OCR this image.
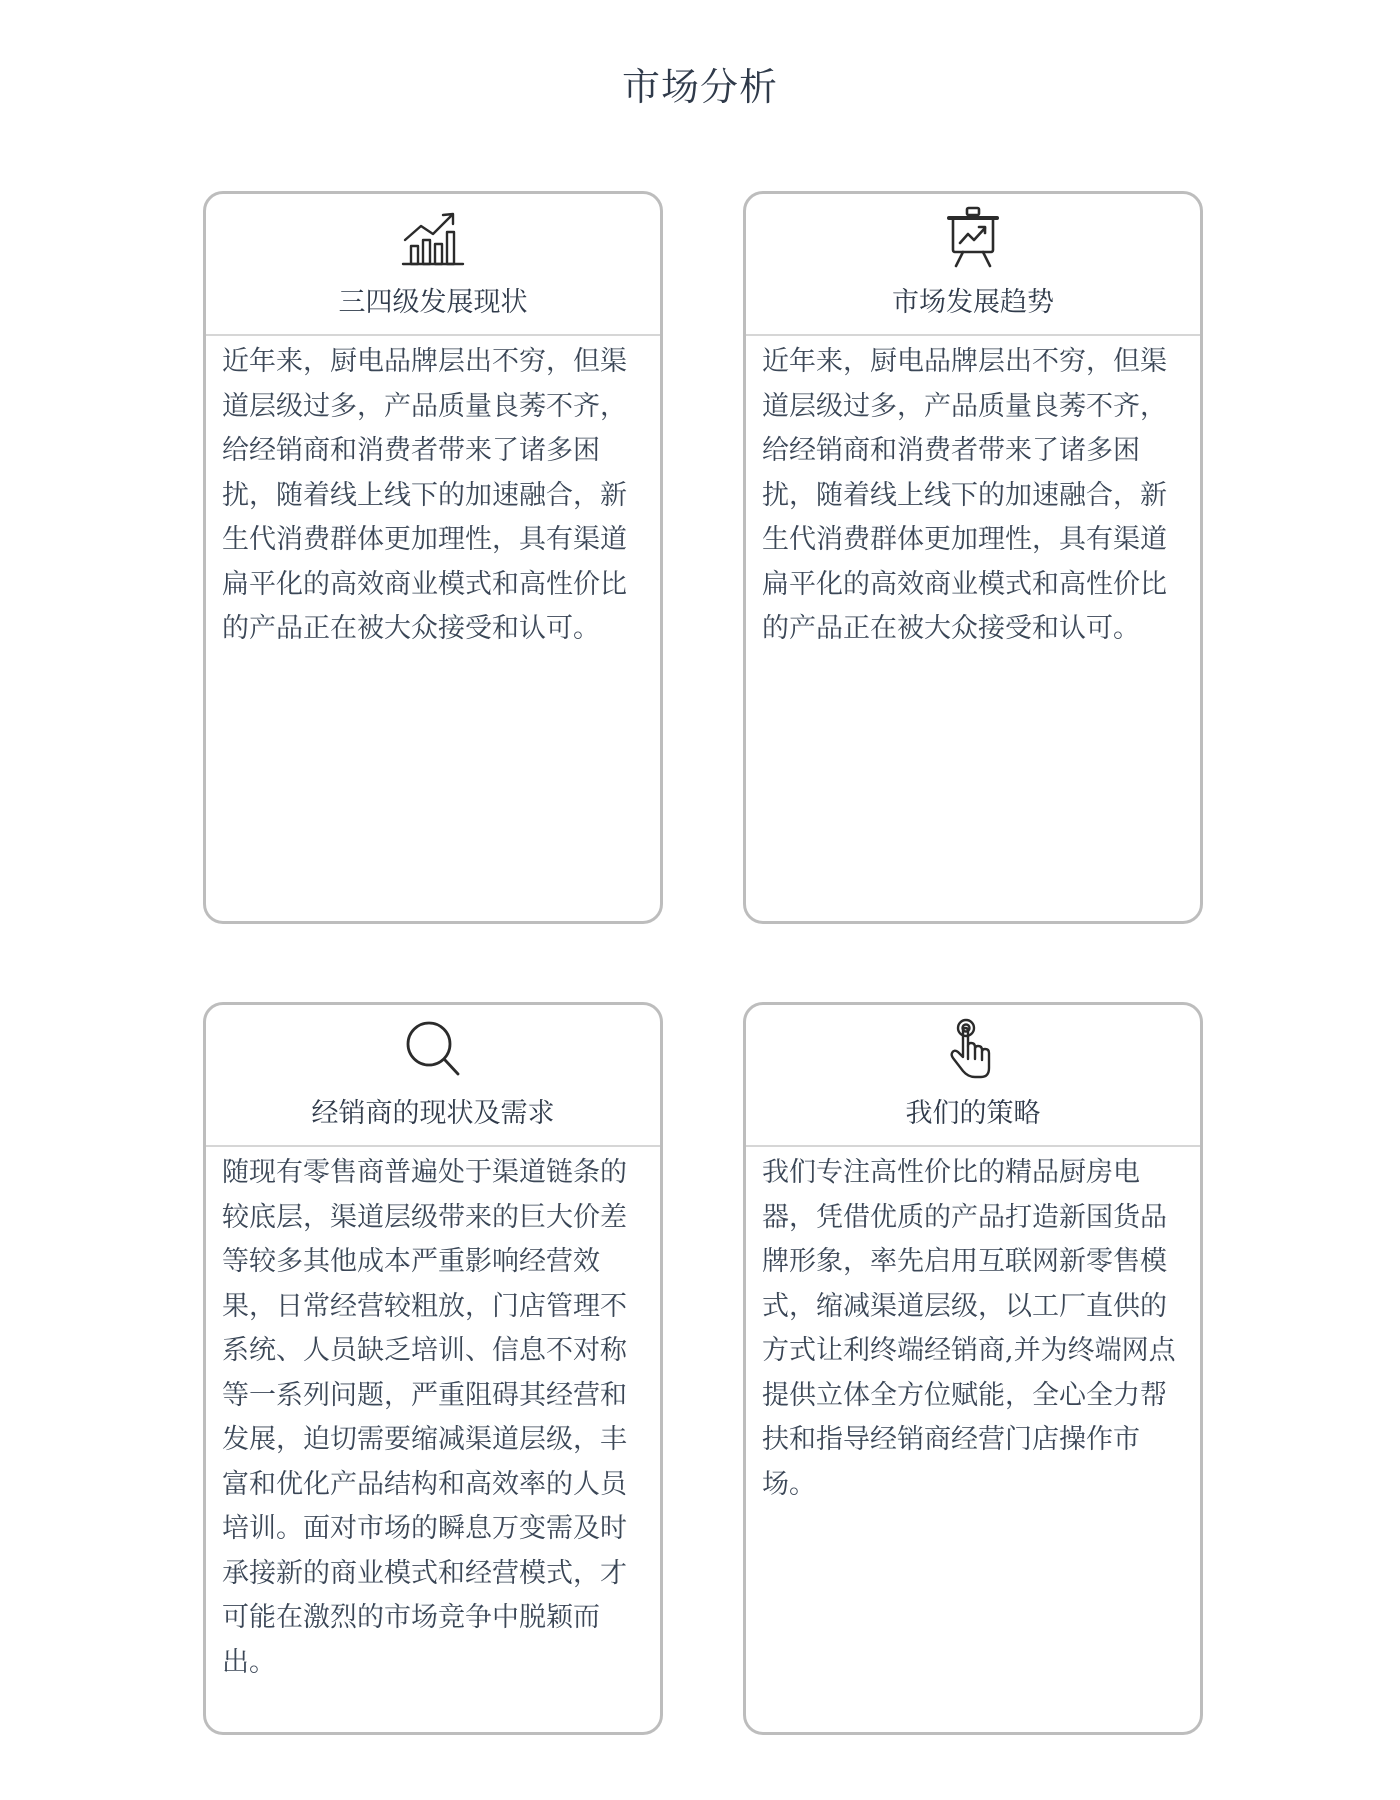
市场分析
三四级发展现状
近年来，厨电品牌层出不穷，但渠道层级过多，产品质量良莠不齐，给经销商和消费者带来了诸多困扰，随着线上线下的加速融合，新生代消费群体更加理性，具有渠道扁平化的高效商业模式和高性价比的产品正在被大众接受和认可。
市场发展趋势
近年来，厨电品牌层出不穷，但渠道层级过多，产品质量良莠不齐，给经销商和消费者带来了诸多困扰，随着线上线下的加速融合，新生代消费群体更加理性，具有渠道扁平化的高效商业模式和高性价比的产品正在被大众接受和认可。
经销商的现状及需求
随现有零售商普遍处于渠道链条的较底层，渠道层级带来的巨大价差等较多其他成本严重影响经营效果，日常经营较粗放，门店管理不系统、人员缺乏培训、信息不对称等一系列问题，严重阻碍其经营和发展，迫切需要缩减渠道层级，丰富和优化产品结构和高效率的人员培训。面对市场的瞬息万变需及时承接新的商业模式和经营模式，才可能在激烈的市场竞争中脱颖而出。
我们的策略
我们专注高性价比的精品厨房电器，凭借优质的产品打造新国货品牌形象，率先启用互联网新零售模式，缩减渠道层级，以工厂直供的方式让利终端经销商,并为终端网点提供立体全方位赋能，全心全力帮扶和指导经销商经营门店操作市场。
